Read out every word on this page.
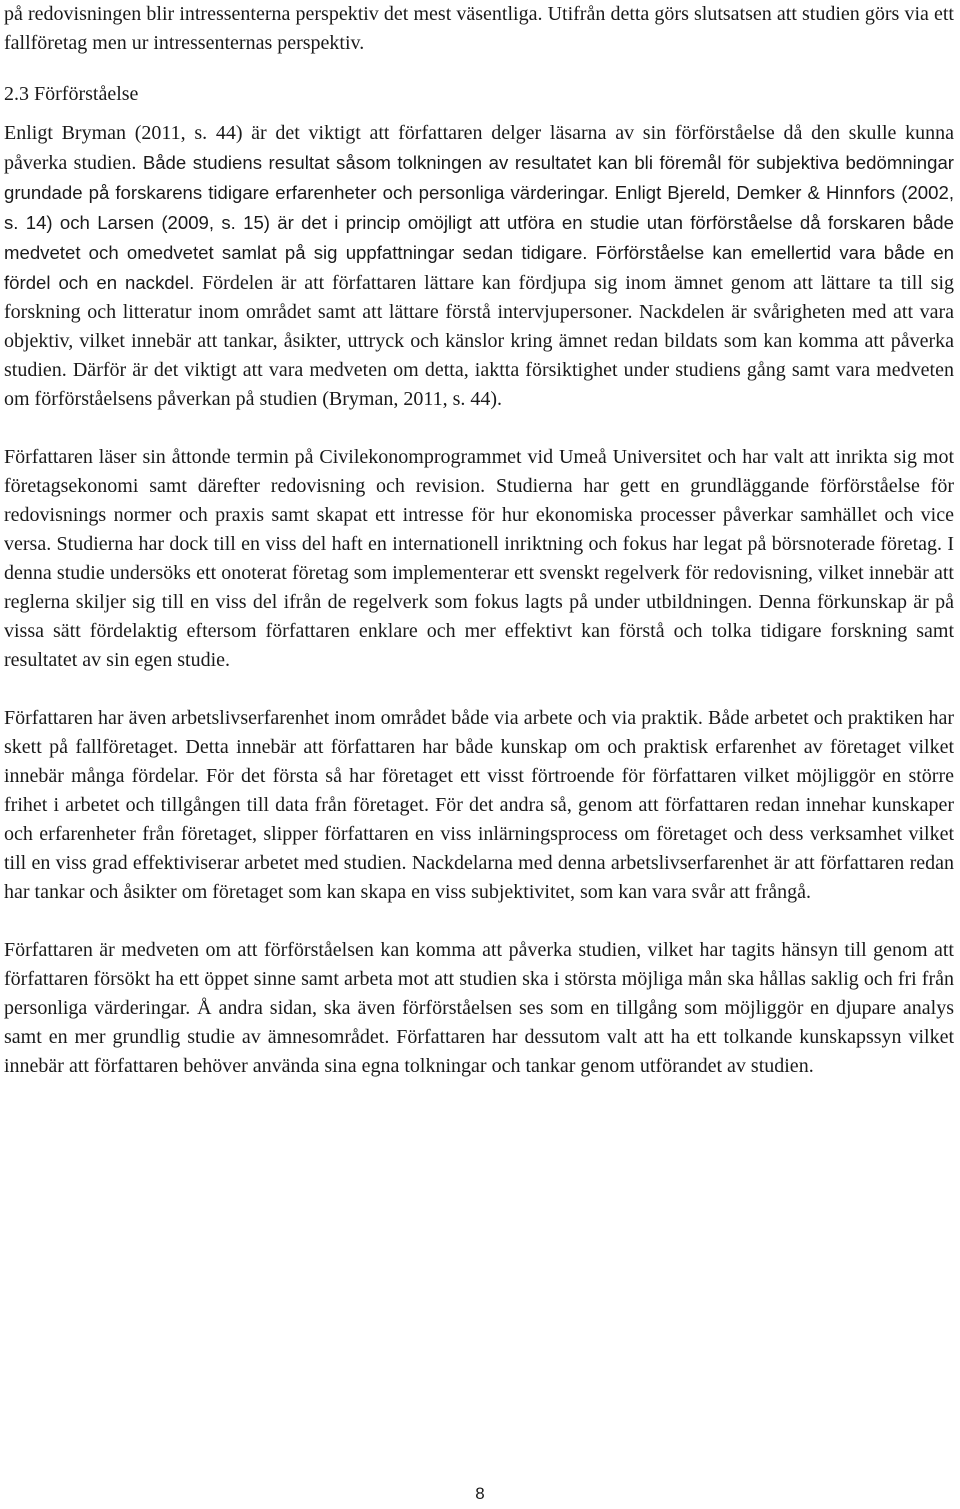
på redovisningen blir intressenterna perspektiv det mest väsentliga. Utifrån detta görs slutsatsen att studien görs via ett fallföretag men ur intressenternas perspektiv.

2.3 Förförståelse

Enligt Bryman (2011, s. 44) är det viktigt att författaren delger läsarna av sin förförståelse då den skulle kunna påverka studien. Både studiens resultat såsom tolkningen av resultatet kan bli föremål för subjektiva bedömningar grundade på forskarens tidigare erfarenheter och personliga värderingar. Enligt Bjereld, Demker & Hinnfors (2002, s. 14) och Larsen (2009, s. 15) är det i princip omöjligt att utföra en studie utan förförståelse då forskaren både medvetet och omedvetet samlat på sig uppfattningar sedan tidigare. Förförståelse kan emellertid vara både en fördel och en nackdel. Fördelen är att författaren lättare kan fördjupa sig inom ämnet genom att lättare ta till sig forskning och litteratur inom området samt att lättare förstå intervjupersoner. Nackdelen är svårigheten med att vara objektiv, vilket innebär att tankar, åsikter, uttryck och känslor kring ämnet redan bildats som kan komma att påverka studien. Därför är det viktigt att vara medveten om detta, iaktta försiktighet under studiens gång samt vara medveten om förförståelsens påverkan på studien (Bryman, 2011, s. 44).

Författaren läser sin åttonde termin på Civilekonomprogrammet vid Umeå Universitet och har valt att inrikta sig mot företagsekonomi samt därefter redovisning och revision. Studierna har gett en grundläggande förförståelse för redovisnings normer och praxis samt skapat ett intresse för hur ekonomiska processer påverkar samhället och vice versa. Studierna har dock till en viss del haft en internationell inriktning och fokus har legat på börsnoterade företag. I denna studie undersöks ett onoterat företag som implementerar ett svenskt regelverk för redovisning, vilket innebär att reglerna skiljer sig till en viss del ifrån de regelverk som fokus lagts på under utbildningen. Denna förkunskap är på vissa sätt fördelaktig eftersom författaren enklare och mer effektivt kan förstå och tolka tidigare forskning samt resultatet av sin egen studie.

Författaren har även arbetslivserfarenhet inom området både via arbete och via praktik. Både arbetet och praktiken har skett på fallföretaget. Detta innebär att författaren har både kunskap om och praktisk erfarenhet av företaget vilket innebär många fördelar. För det första så har företaget ett visst förtroende för författaren vilket möjliggör en större frihet i arbetet och tillgången till data från företaget. För det andra så, genom att författaren redan innehar kunskaper och erfarenheter från företaget, slipper författaren en viss inlärningsprocess om företaget och dess verksamhet vilket till en viss grad effektiviserar arbetet med studien. Nackdelarna med denna arbetslivserfarenhet är att författaren redan har tankar och åsikter om företaget som kan skapa en viss subjektivitet, som kan vara svår att frångå.

Författaren är medveten om att förförståelsen kan komma att påverka studien, vilket har tagits hänsyn till genom att författaren försökt ha ett öppet sinne samt arbeta mot att studien ska i största möjliga mån ska hållas saklig och fri från personliga värderingar. Å andra sidan, ska även förförståelsen ses som en tillgång som möjliggör en djupare analys samt en mer grundlig studie av ämnesområdet. Författaren har dessutom valt att ha ett tolkande kunskapssyn vilket innebär att författaren behöver använda sina egna tolkningar och tankar genom utförandet av studien.

8
